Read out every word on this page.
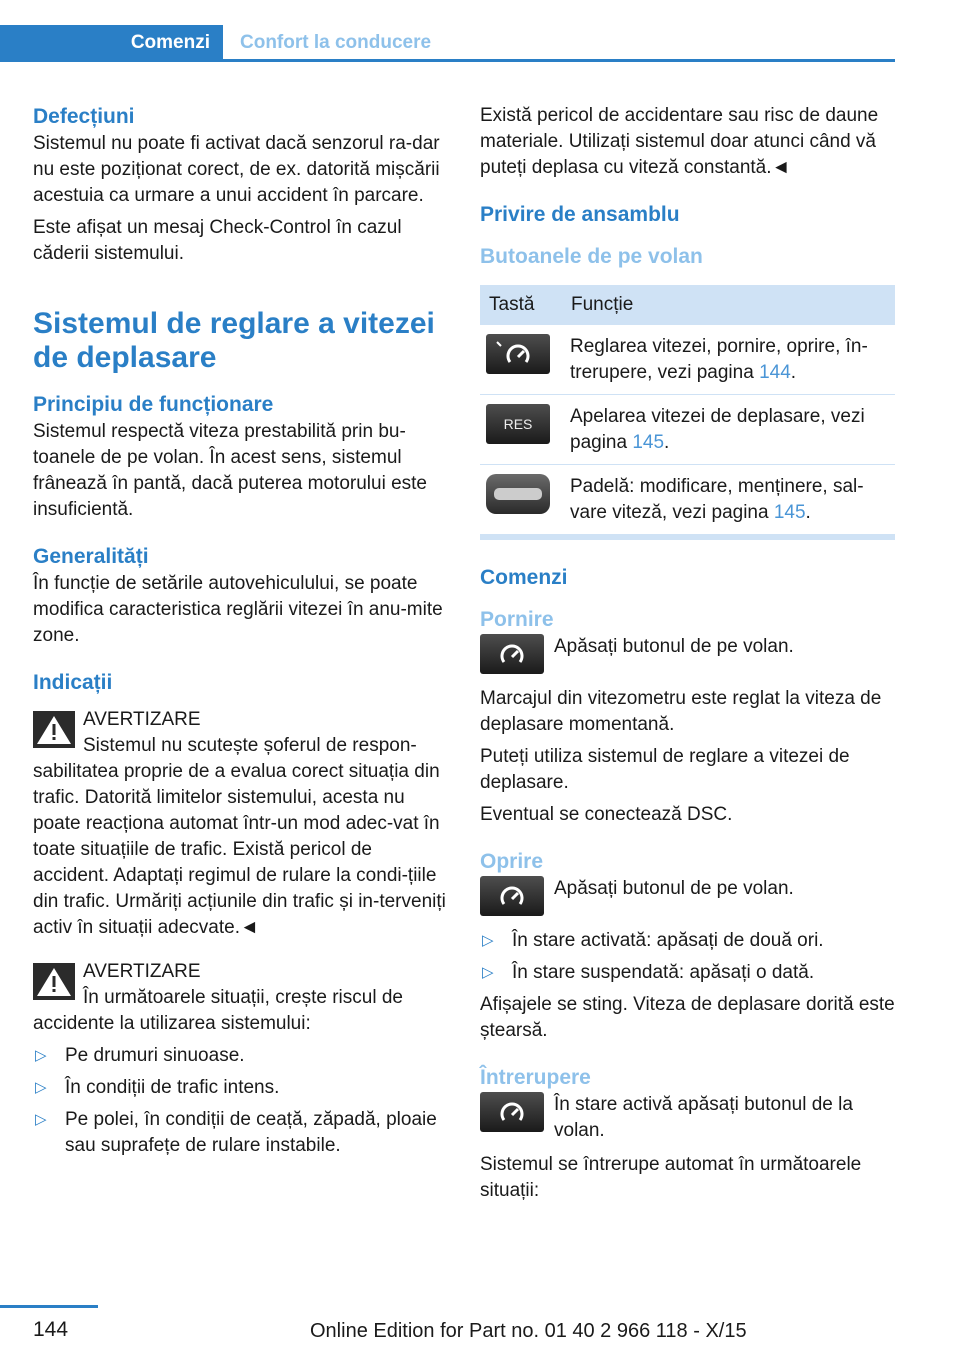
Comenzi Confort la conducere
Defecțiuni

Sistemul nu poate fi activat dacă senzorul ra-dar nu este poziționat corect, de ex. datorită mișcării acestuia ca urmare a unui accident în parcare.

Este afișat un mesaj Check-Control în cazul căderii sistemului.

Sistemul de reglare a vitezei de deplasare
Principiu de funcționare

Sistemul respectă viteza prestabilită prin bu-toanele de pe volan. În acest sens, sistemul frânează în pantă, dacă puterea motorului este insuficientă.

Generalități

În funcție de setările autovehiculului, se poate modifica caracteristica reglării vitezei în anu-mite zone.

Indicații
AVERTIZARE

Sistemul nu scutește șoferul de respon-sabilitatea proprie de a evalua corect situația din trafic. Datorită limitelor sistemului, acesta nu poate reacționa automat într-un mod adec-vat în toate situațiile de trafic. Există pericol de accident. Adaptați regimul de rulare la condi-țiile din trafic. Urmăriți acțiunile din trafic și in-terveniți activ în situații adecvate.◄

AVERTIZARE

În următoarele situații, crește riscul de accidente la utilizarea sistemului:

▷ Pe drumuri sinuoase.
▷ În condiții de trafic intens.
▷ Pe polei, în condiții de ceață, zăpadă, ploaie sau suprafețe de rulare instabile.

Există pericol de accidentare sau risc de daune materiale. Utilizați sistemul doar atunci când vă puteți deplasa cu viteză constantă.◄

Privire de ansamblu
Butoanele de pe volan
Tastă	Funcție
	Reglarea vitezei, pornire, oprire, în-trerupere, vezi pagina 144.
RES	Apelarea vitezei de deplasare, vezi pagina 145.
	Padelă: modificare, menținere, sal-vare viteză, vezi pagina 145.
Comenzi
Pornire
Apăsați butonul de pe volan.

Marcajul din vitezometru este reglat la viteza de deplasare momentană.

Puteți utiliza sistemul de reglare a vitezei de deplasare.

Eventual se conectează DSC.

Oprire
Apăsați butonul de pe volan.
▷ În stare activată: apăsați de două ori.
▷ În stare suspendată: apăsați o dată.

Afișajele se sting. Viteza de deplasare dorită este ștearsă.

Întrerupere
În stare activă apăsați butonul de la volan.

Sistemul se întrerupe automat în următoarele situații:

144	Online Edition for Part no. 01 40 2 966 118 - X/15
